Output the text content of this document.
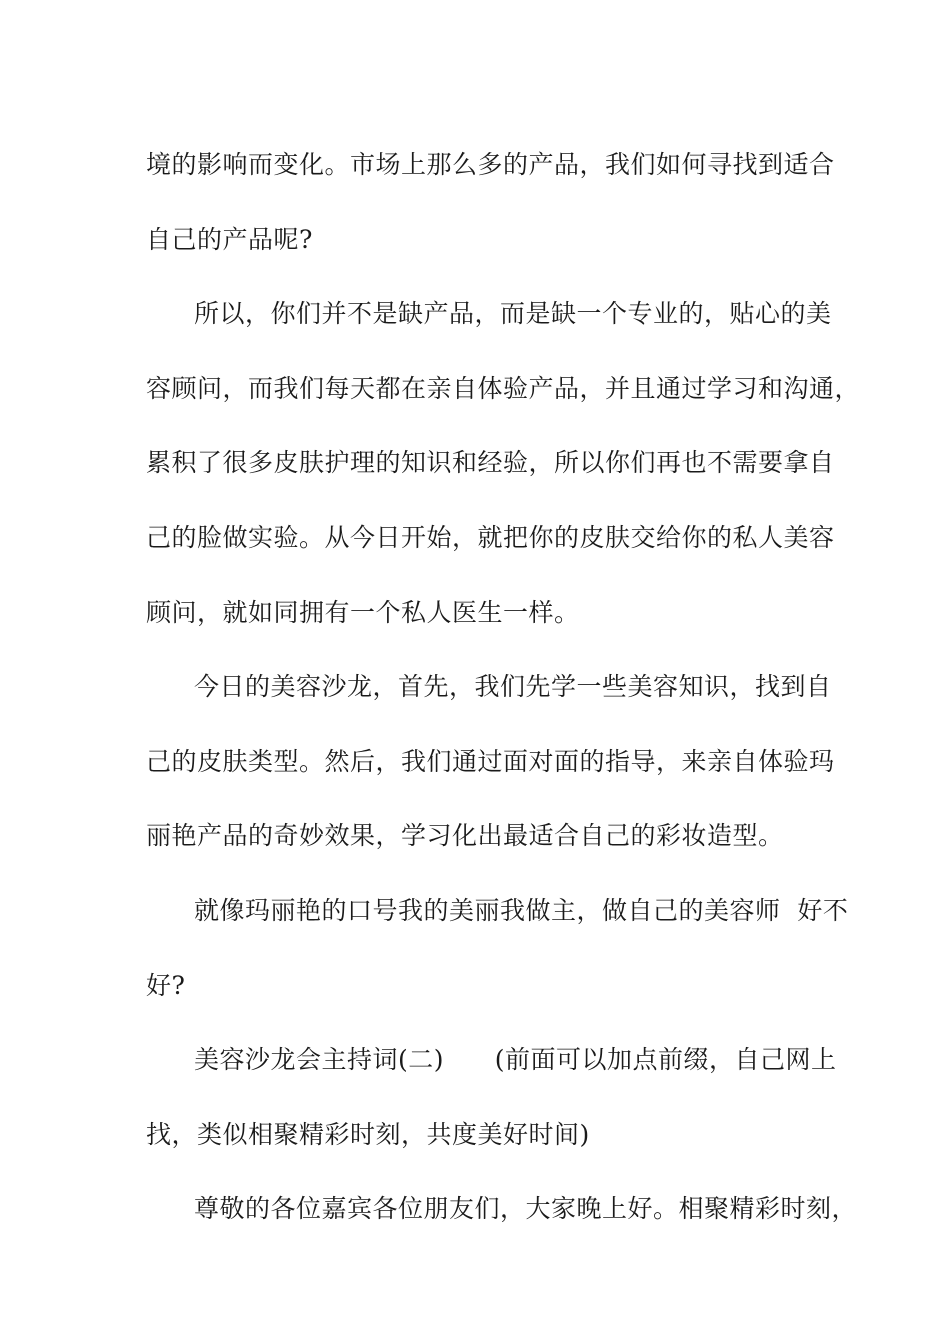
境的影响而变化。市场上那么多的产品，我们如何寻找到适合
自己的产品呢?
所以，你们并不是缺产品，而是缺一个专业的，贴心的美
容顾问，而我们每天都在亲自体验产品，并且通过学习和沟通，
累积了很多皮肤护理的知识和经验，所以你们再也不需要拿自
己的脸做实验。从今日开始，就把你的皮肤交给你的私人美容
顾问，就如同拥有一个私人医生一样。
今日的美容沙龙，首先，我们先学一些美容知识，找到自
己的皮肤类型。然后，我们通过面对面的指导，来亲自体验玛
丽艳产品的奇妙效果，学习化出最适合自己的彩妆造型。
就像玛丽艳的口号我的美丽我做主，做自己的美容师  好不
好?
美容沙龙会主持词(二)      (前面可以加点前缀，自己网上
找，类似相聚精彩时刻，共度美好时间)
尊敬的各位嘉宾各位朋友们，大家晚上好。相聚精彩时刻，
